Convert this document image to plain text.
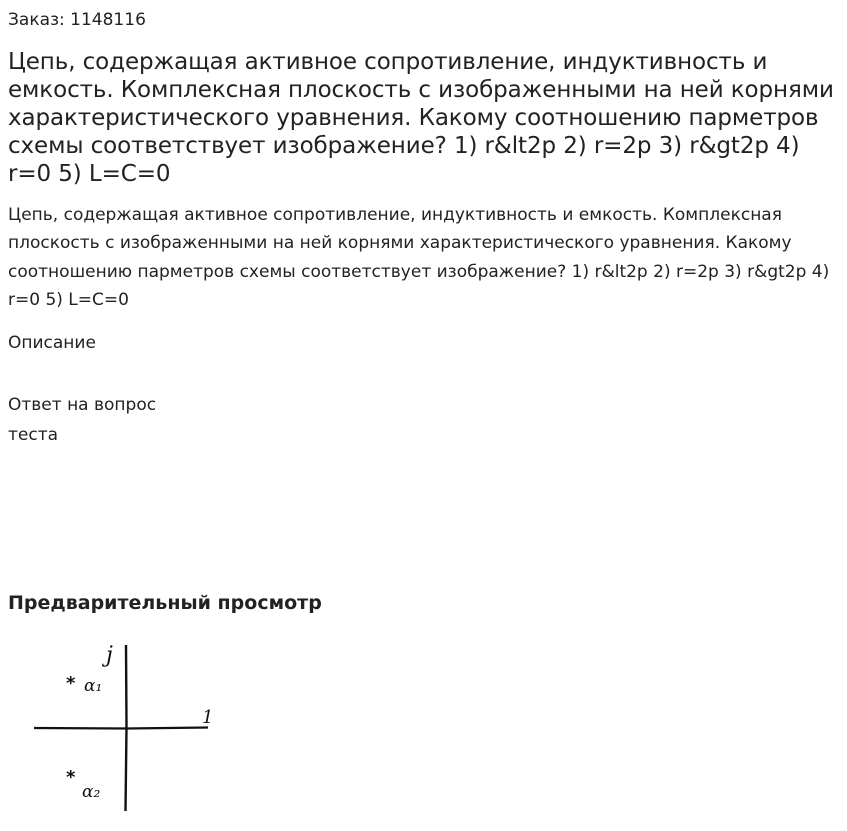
Заказ: 1148116
Цепь, содержащая активное сопротивление, индуктивность и емкость. Комплексная плоскость с изображенными на ней корнями характеристического уравнения. Какому соотношению парметров схемы соответствует изображение? 1) r&lt2p 2) r=2p 3) r&gt2p 4) r=0 5) L=C=0

Цепь, содержащая активное сопротивление, индуктивность и емкость. Комплексная плоскость с изображенными на ней корнями характеристического уравнения. Какому соотношению парметров схемы соответствует изображение? 1) r&lt2p 2) r=2p 3) r&gt2p 4) r=0 5) L=C=0

Описание
Ответ на вопрос теста
Предварительный просмотр
j
1
* α₁
*
α₂
